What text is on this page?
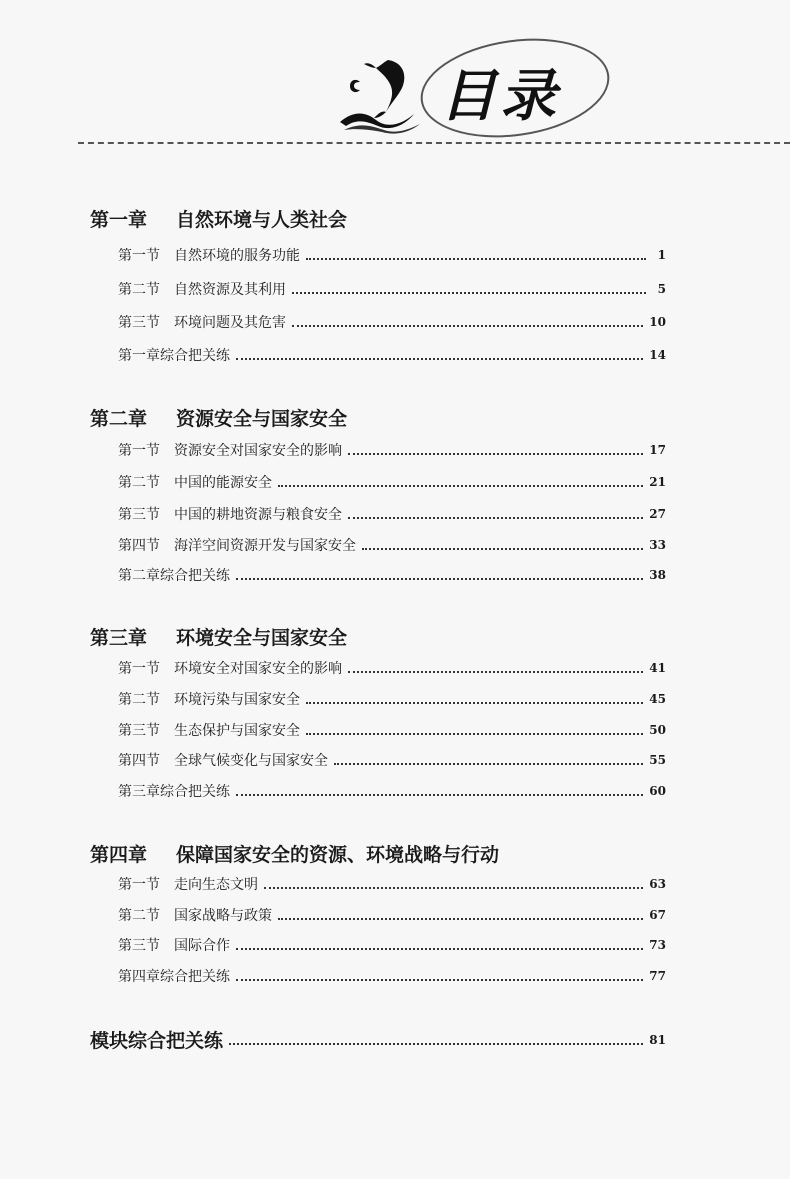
目录
第一章 自然环境与人类社会
第一节	自然环境的服务功能	1
第二节	自然资源及其利用	5
第三节	环境问题及其危害	10
第一章综合把关练	14
第二章 资源安全与国家安全
第一节	资源安全对国家安全的影响	17
第二节	中国的能源安全	21
第三节	中国的耕地资源与粮食安全	27
第四节	海洋空间资源开发与国家安全	33
第二章综合把关练	38
第三章 环境安全与国家安全
第一节	环境安全对国家安全的影响	41
第二节	环境污染与国家安全	45
第三节	生态保护与国家安全	50
第四节	全球气候变化与国家安全	55
第三章综合把关练	60
第四章 保障国家安全的资源、环境战略与行动
第一节	走向生态文明	63
第二节	国家战略与政策	67
第三节	国际合作	73
第四章综合把关练	77
模块综合把关练	81
